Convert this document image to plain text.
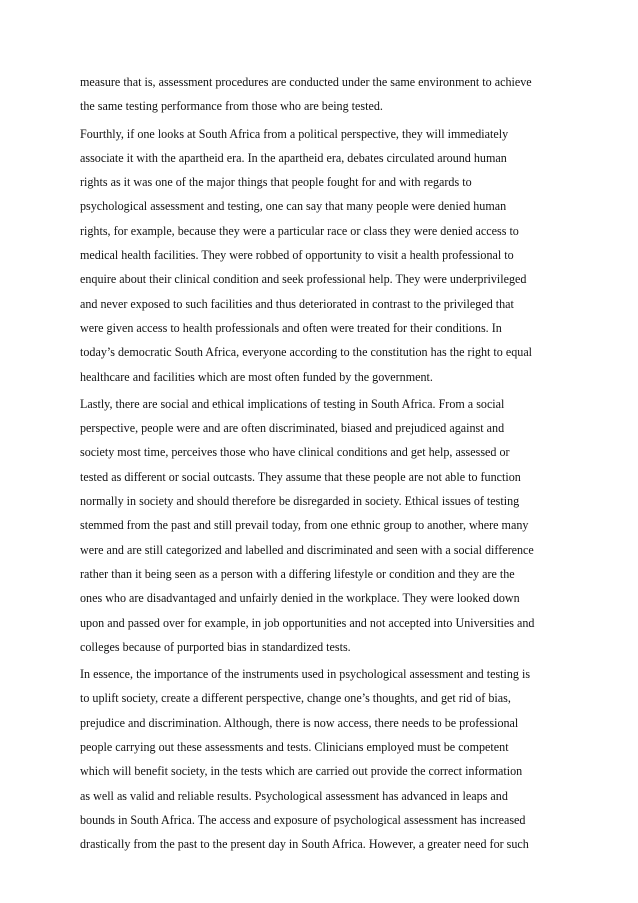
measure that is, assessment procedures are conducted under the same environment to achieve
the same testing performance from those who are being tested.
Fourthly, if one looks at South Africa from a political perspective, they will immediately
associate it with the apartheid era. In the apartheid era, debates circulated around human
rights as it was one of the major things that people fought for and with regards to
psychological assessment and testing, one can say that many people were denied human
rights, for example, because they were a particular race or class they were denied access to
medical health facilities. They were robbed of opportunity to visit a health professional to
enquire about their clinical condition and seek professional help. They were underprivileged
and never exposed to such facilities and thus deteriorated in contrast to the privileged that
were given access to health professionals and often were treated for their conditions. In
today’s democratic South Africa, everyone according to the constitution has the right to equal
healthcare and facilities which are most often funded by the government.
Lastly, there are social and ethical implications of testing in South Africa. From a social
perspective, people were and are often discriminated, biased and prejudiced against and
society most time, perceives those who have clinical conditions and get help, assessed or
tested as different or social outcasts. They assume that these people are not able to function
normally in society and should therefore be disregarded in society. Ethical issues of testing
stemmed from the past and still prevail today, from one ethnic group to another, where many
were and are still categorized and labelled and discriminated and seen with a social difference
rather than it being seen as a person with a differing lifestyle or condition and they are the
ones who are disadvantaged and unfairly denied in the workplace. They were looked down
upon and passed over for example, in job opportunities and not accepted into Universities and
colleges because of purported bias in standardized tests.
In essence, the importance of the instruments used in psychological assessment and testing is
to uplift society, create a different perspective, change one’s thoughts, and get rid of bias,
prejudice and discrimination. Although, there is now access, there needs to be professional
people carrying out these assessments and tests. Clinicians employed must be competent
which will benefit society, in the tests which are carried out provide the correct information
as well as valid and reliable results. Psychological assessment has advanced in leaps and
bounds in South Africa. The access and exposure of psychological assessment has increased
drastically from the past to the present day in South Africa. However, a greater need for such
